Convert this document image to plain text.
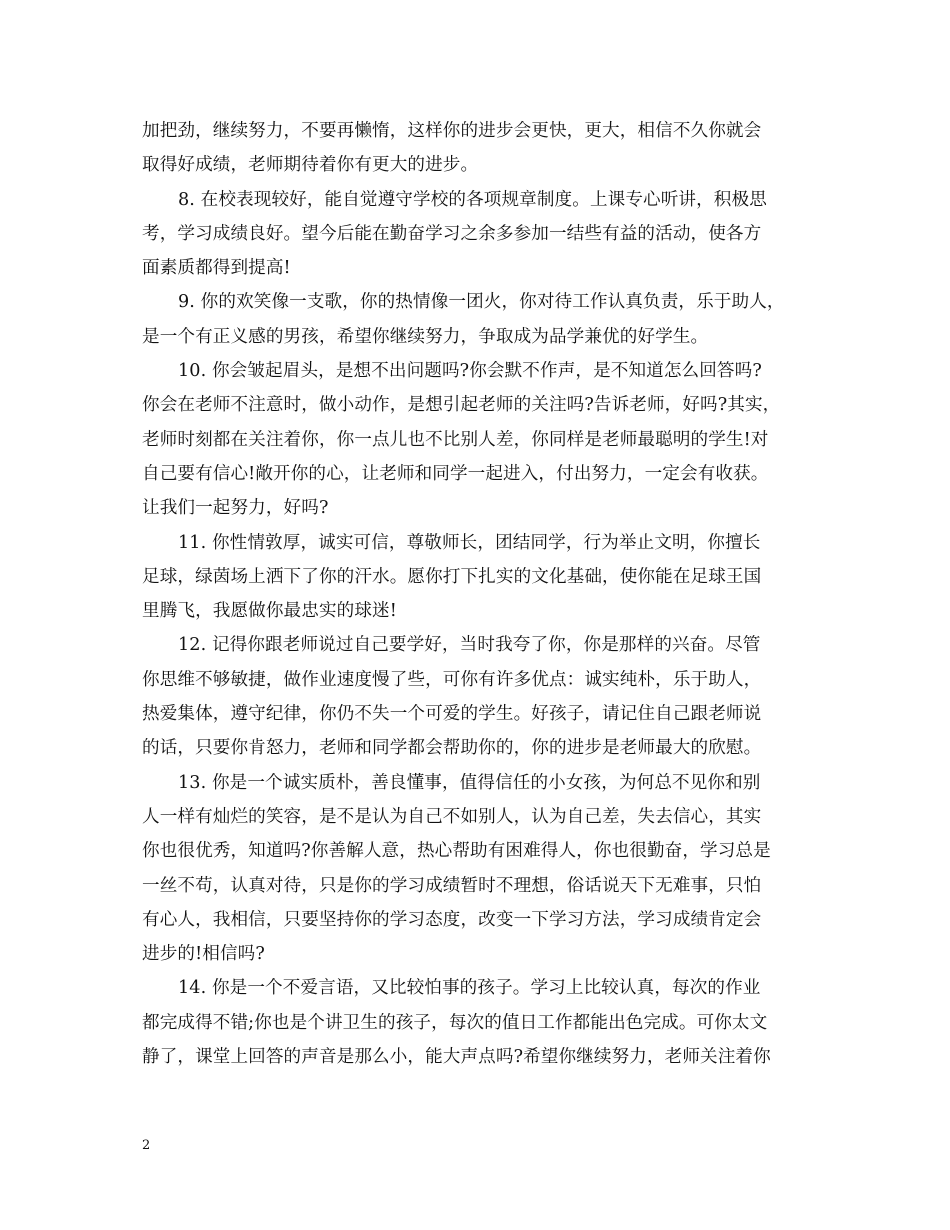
加把劲，继续努力，不要再懒惰，这样你的进步会更快，更大，相信不久你就会
取得好成绩，老师期待着你有更大的进步。
8. 在校表现较好，能自觉遵守学校的各项规章制度。上课专心听讲，积极思
考，学习成绩良好。望今后能在勤奋学习之余多参加一结些有益的活动，使各方
面素质都得到提高!
9. 你的欢笑像一支歌，你的热情像一团火，你对待工作认真负责，乐于助人，
是一个有正义感的男孩，希望你继续努力，争取成为品学兼优的好学生。
10. 你会皱起眉头，是想不出问题吗?你会默不作声，是不知道怎么回答吗?
你会在老师不注意时，做小动作，是想引起老师的关注吗?告诉老师，好吗?其实，
老师时刻都在关注着你，你一点儿也不比别人差，你同样是老师最聪明的学生!对
自己要有信心!敞开你的心，让老师和同学一起进入，付出努力，一定会有收获。
让我们一起努力，好吗?
11. 你性情敦厚，诚实可信，尊敬师长，团结同学，行为举止文明，你擅长
足球，绿茵场上洒下了你的汗水。愿你打下扎实的文化基础，使你能在足球王国
里腾飞，我愿做你最忠实的球迷!
12. 记得你跟老师说过自己要学好，当时我夸了你，你是那样的兴奋。尽管
你思维不够敏捷，做作业速度慢了些，可你有许多优点：诚实纯朴，乐于助人，
热爱集体，遵守纪律，你仍不失一个可爱的学生。好孩子，请记住自己跟老师说
的话，只要你肯怒力，老师和同学都会帮助你的，你的进步是老师最大的欣慰。
13. 你是一个诚实质朴，善良懂事，值得信任的小女孩，为何总不见你和别
人一样有灿烂的笑容，是不是认为自己不如别人，认为自己差，失去信心，其实
你也很优秀，知道吗?你善解人意，热心帮助有困难得人，你也很勤奋，学习总是
一丝不苟，认真对待，只是你的学习成绩暂时不理想，俗话说天下无难事，只怕
有心人，我相信，只要坚持你的学习态度，改变一下学习方法，学习成绩肯定会
进步的!相信吗?
14. 你是一个不爱言语，又比较怕事的孩子。学习上比较认真，每次的作业
都完成得不错;你也是个讲卫生的孩子，每次的值日工作都能出色完成。可你太文
静了，课堂上回答的声音是那么小，能大声点吗?希望你继续努力，老师关注着你
2
